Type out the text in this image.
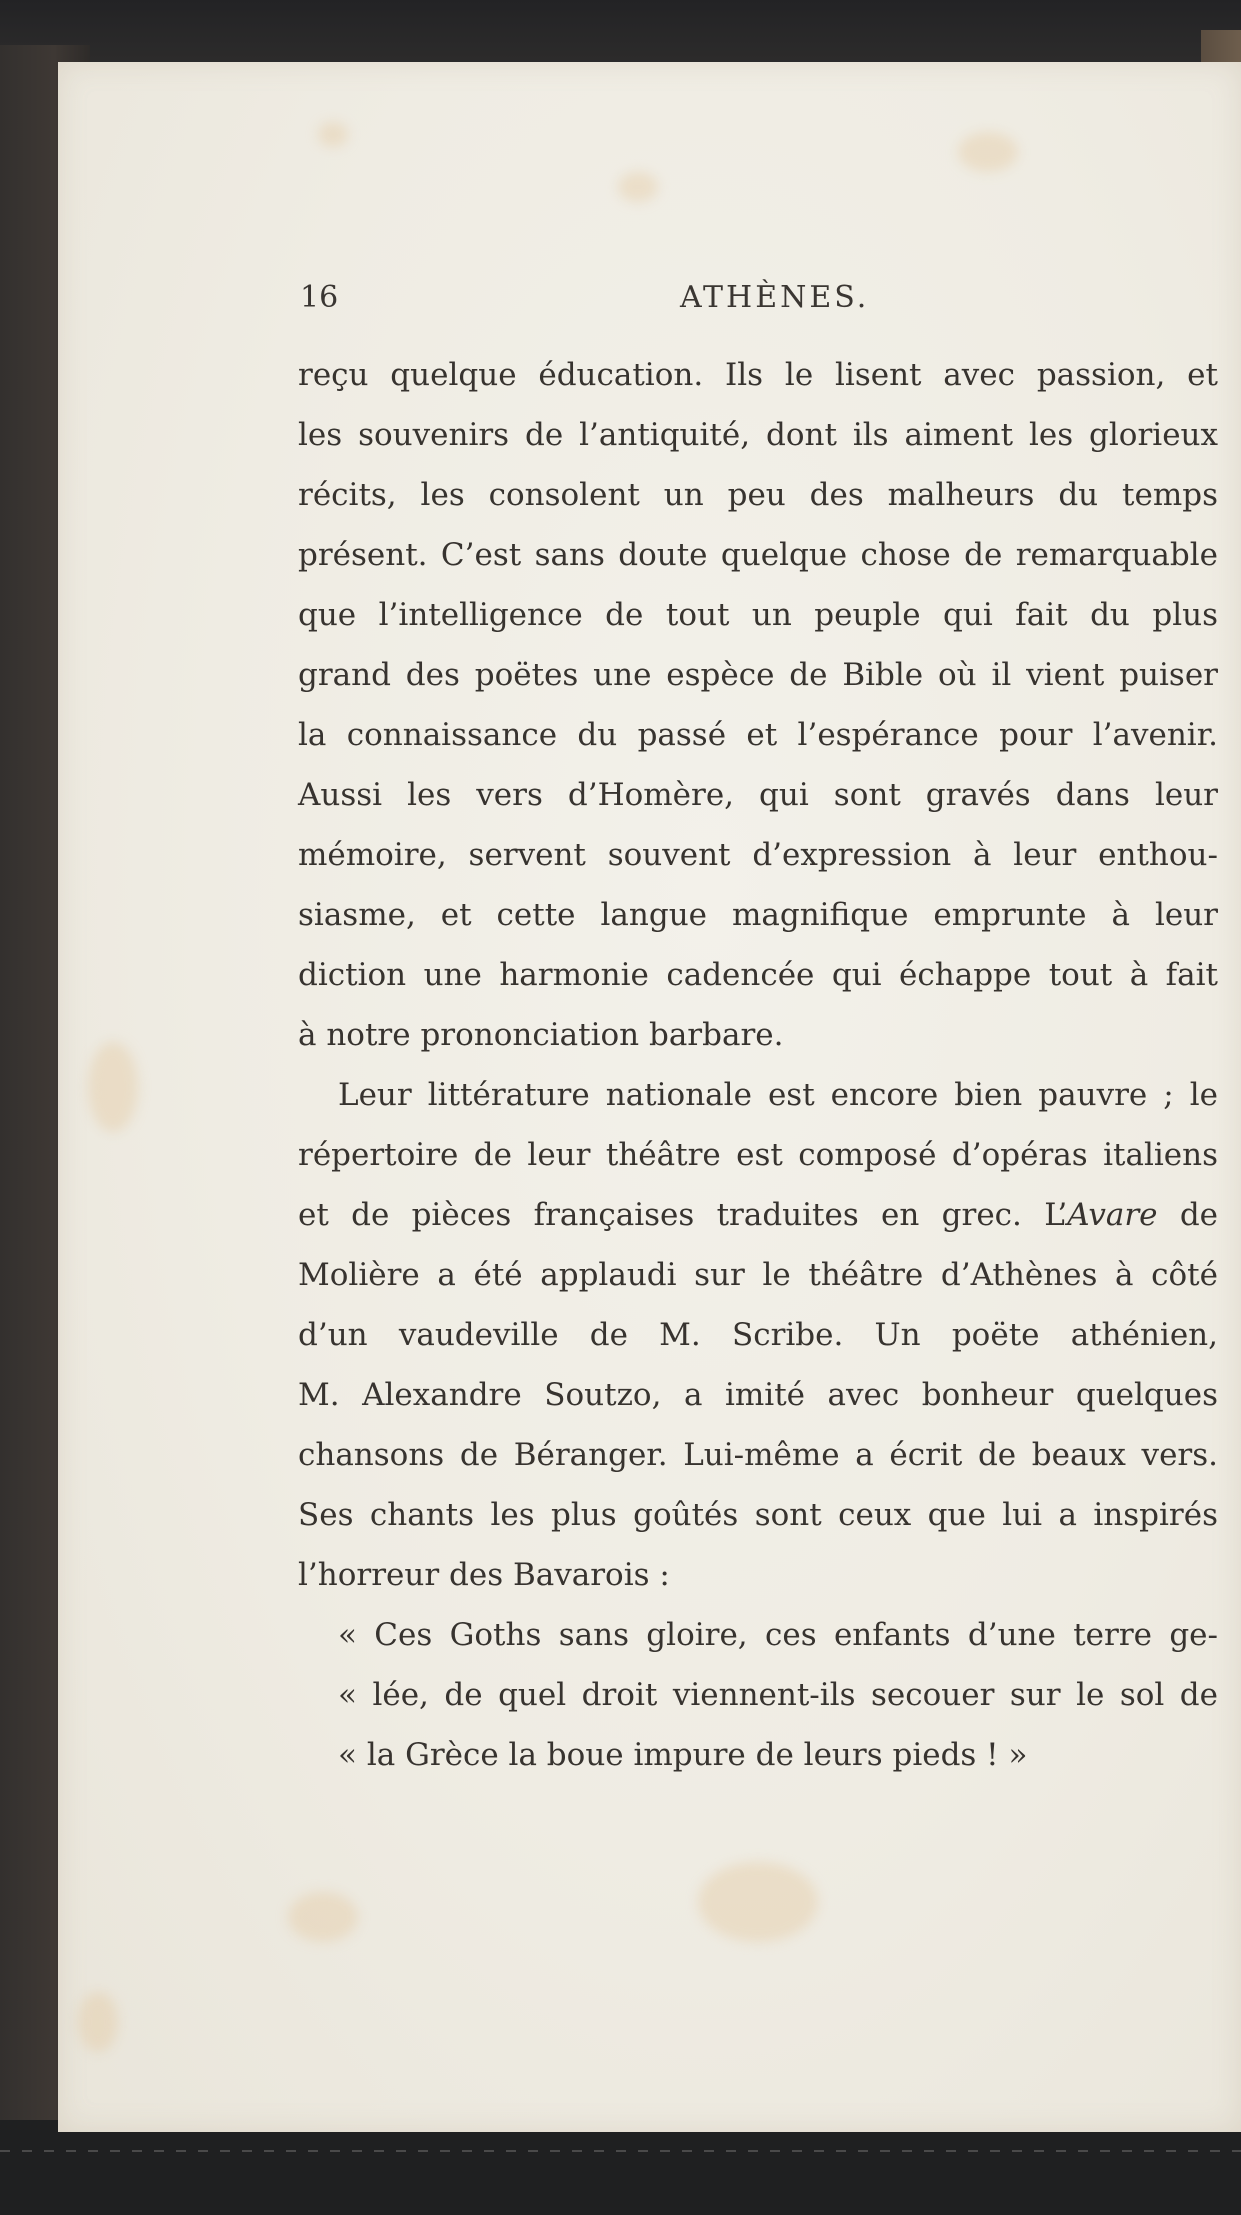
16	ATHÈNES.
reçu quelque éducation. Ils le lisent avec passion, et
les souvenirs de l’antiquité, dont ils aiment les glorieux
récits, les consolent un peu des malheurs du temps
présent. C’est sans doute quelque chose de remarquable
que l’intelligence de tout un peuple qui fait du plus
grand des poëtes une espèce de Bible où il vient puiser
la connaissance du passé et l’espérance pour l’avenir.
Aussi les vers d’Homère, qui sont gravés dans leur
mémoire, servent souvent d’expression à leur enthou-
siasme, et cette langue magnifique emprunte à leur
diction une harmonie cadencée qui échappe tout à fait
à notre prononciation barbare.
Leur littérature nationale est encore bien pauvre ; le
répertoire de leur théâtre est composé d’opéras italiens
et de pièces françaises traduites en grec. L’Avare de
Molière a été applaudi sur le théâtre d’Athènes à côté
d’un vaudeville de M. Scribe. Un poëte athénien,
M. Alexandre Soutzo, a imité avec bonheur quelques
chansons de Béranger. Lui-même a écrit de beaux vers.
Ses chants les plus goûtés sont ceux que lui a inspirés
l’horreur des Bavarois :
« Ces Goths sans gloire, ces enfants d’une terre ge-
« lée, de quel droit viennent-ils secouer sur le sol de
« la Grèce la boue impure de leurs pieds ! »
